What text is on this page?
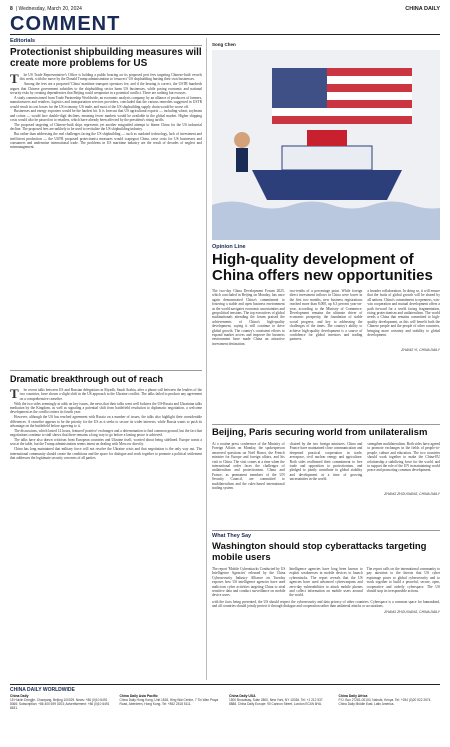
8 | Wednesday, March 20, 2024	CHINA DAILY
COMMENT
Editorials
Protectionist shipbuilding measures will create more problems for US
T	he US Trade Representative's Office is holding a public hearing on its proposed port fees targeting Chinese-built vessels this week, with the move by the Donald Trump administration to 'resurrect' US shipbuilding hurting their own businesses.

Among the fees are a proposed 'China' maritime transport operators fee, and if the hearing is correct, the USTR hundreds argues that Chinese government subsidies to the shipbuilding sector harm US businesses, while posing economic and national security risks by creating dependencies that Beijing could weaponize in a potential conflict. There are nothing but excuses.

A study commissioned from Trade Partnership Worldwide, an economic analysis company, by an alliance of producers of farmers, manufacturers and retailers, logistics and transportation services providers, concluded that the various remedies suggested in USTR would result in cost losses for the US economy. US trade, and most of the US shipbuilding supply chain would be worse off.

Businesses and energy exporters would be the hardest hit. It is forecast that US agricultural exports — including wheat, soybeans and cotton — would face double-digit declines, meaning fewer markets would be available in the global market. Higher shipping costs would also be passed on to retailers, which have already been affected by the president's rising tariffs.

The proposed targeting of Chinese-built ships represents yet another misguided attempt to blame China for the US industrial decline. The proposed fees are unlikely to be used to revitalize the US shipbuilding industry.

But rather than addressing the real challenges facing the US shipbuilding — such as outdated technology, lack of investment and inefficient production — the USTR proposed protectionist measures would scapegoat China, raise costs for US businesses and consumers and undermine international trade. The problems in US maritime industry are the result of decades of neglect and mismanagement.

Dramatic breakthrough out of reach
T	he recent talks between US and Russian delegations in Riyadh, Saudi Arabia, after a phone call between the leaders of the two countries, have shown a slight shift in the US approach to the Ukraine conflict. The talks failed to produce any agreement on a comprehensive ceasefire.

With the two sides seemingly at odds on key issues, the news that their talks went well bolsters the US-Russia and Ukrainian talks mediation by the Kingdom, as well as signaling a potential shift from battlefield resolution to diplomatic negotiation, a welcome development as the conflict enters its fourth year.

However, although the US has reached agreement with Russia on a number of issues, the talks also highlight their considerable differences. A ceasefire appears to be the priority for the US as it seeks to secure its wider interests, while Russia wants to push its advantage on the battlefield before agreeing to it.

The discussions, which lasted 12 hours, featured 'positive' exchanges and a determination to find common ground, but the fact that negotiations continue to stall shows that there remains a long way to go before a lasting peace is achieved.

The talks have also drawn criticism from European countries and Ukraine itself, worried about being sidelined. Europe wants a seat at the table, but the Trump administration seems intent on dealing with Moscow directly.

China has long maintained that military force will not resolve the Ukraine crisis and that negotiation is the only way out. The international community should create the conditions and the space for dialogue and work together to promote a political settlement that addresses the legitimate security concerns of all parties.

Song Chen
Opinion Line
High-quality development of China offers new opportunities
The two-day China Development Forum 2025, which concluded in Beijing on Monday, has once again demonstrated China's commitment to fostering a stable and open business environment as the world navigates economic uncertainties and geopolitical tensions. The top executives of global multinationals attending the forum praised the achievements of China's high-quality development, saying it will continue to drive global growth. The country's consistent efforts to expand market access and improve the business environment have made China an attractive investment destination.
two-tenths of a percentage point. While foreign direct investment inflows in China were lower in the first two months, new business registrations reached more than 8,000, up 6.3 percent year-on-year, according to the Ministry of Commerce. Development remains the ultimate driver of economic prosperity, the foundation of stable social progress, and key to addressing the challenges of the times. The country's ability to achieve high-quality development is a source of confidence for global investors and trading partners.
a broader collaboration. In doing so, it will ensure that the fruits of global growth will be shared by all nations. China's commitment to openness, win-win cooperation and mutual development offers a path forward for a world facing fragmentation, rising protectionism and unilateralism. The world needs a China that remains committed to high-quality development, as this will benefit both the Chinese people and the people of other countries, bringing more certainty and stability to global development.
ZHANG YI, CHINA DAILY
Beijing, Paris securing world from unilateralism
At a routine press conference of the Ministry of Foreign Affairs on Monday, the spokesperson answered questions on Noël Barrot, the French minister for Europe and foreign affairs, and his visit to China. The visit comes at a time when the international order faces the challenges of unilateralism and protectionism. China and France, as permanent members of the UN Security Council, are committed to multilateralism and the rules-based international trading system.
chaired by the two foreign ministers. China and France have maintained close communication and deepened practical cooperation in trade, aerospace, civil nuclear energy and agriculture. Both sides reaffirmed their commitment to free trade and opposition to protectionism, and pledged to jointly contribute to global stability and development at a time of growing uncertainties in the world.
strengthen multilateralism. Both sides have agreed to promote exchanges in the fields of people-to-people, culture and education. The two countries should work together to make the China-EU relationship a stabilizing force for the world, and to support the role of the UN in maintaining world peace and promoting common development.
ZHANG ZHOUXIANG, CHINA DAILY
What They Say
Washington should stop cyberattacks targeting mobile users
The report 'Mobile Cyberattacks Conducted by US Intelligence Agencies' released by the China Cybersecurity Industry Alliance on Tuesday exposes how US intelligence agencies have used malicious cyber activities targeting China to steal sensitive data and conduct surveillance on mobile device users.
Intelligence agencies have long been known to exploit weaknesses in mobile devices to launch cyberattacks. The report reveals that the US agencies have used advanced cyberweapons and zero-day vulnerabilities to attack mobile phones and collect information on mobile users around the world.
The report calls on the international community to pay attention to the threats that US cyber espionage poses to global cybersecurity and to work together to build a peaceful, secure, open, cooperative and orderly cyberspace. The US should stop its irresponsible actions.
with the facts being presented, the US should respect the cybersecurity and data privacy of other countries. Cyberspace is a common space for humankind, and all countries should jointly protect it through dialogue and cooperation rather than unilateral attacks or accusations.
ZHANG ZHOUXIANG, CHINA DAILY
CHINA DAILY WORLDWIDE
China Daily
15 Huixin Dongjie, Chaoyang, Beijing 100029. News: +86 (0)10 6491 8366; Subscription: +86 400 699 0203; Advertisement: +86 (0)10 6491 8631.
China Daily Asia Pacific
China Daily Hong Kong, Unit 1818, Hing Wai Centre, 7 Tin Wan Praya Road, Aberdeen, Hong Kong. Tel: +852 2518 5111.
China Daily USA
1500 Broadway, Suite 2800, New York, NY 10036. Tel: +1 212 537 8888. China Daily Europe: 90 Cannon Street, London EC4N 6HA.
China Daily Africa
P.O. Box 27281-00100, Nairobi, Kenya. Tel: +254 (0)20 522 2674. China Daily Middle East, Latin America.
